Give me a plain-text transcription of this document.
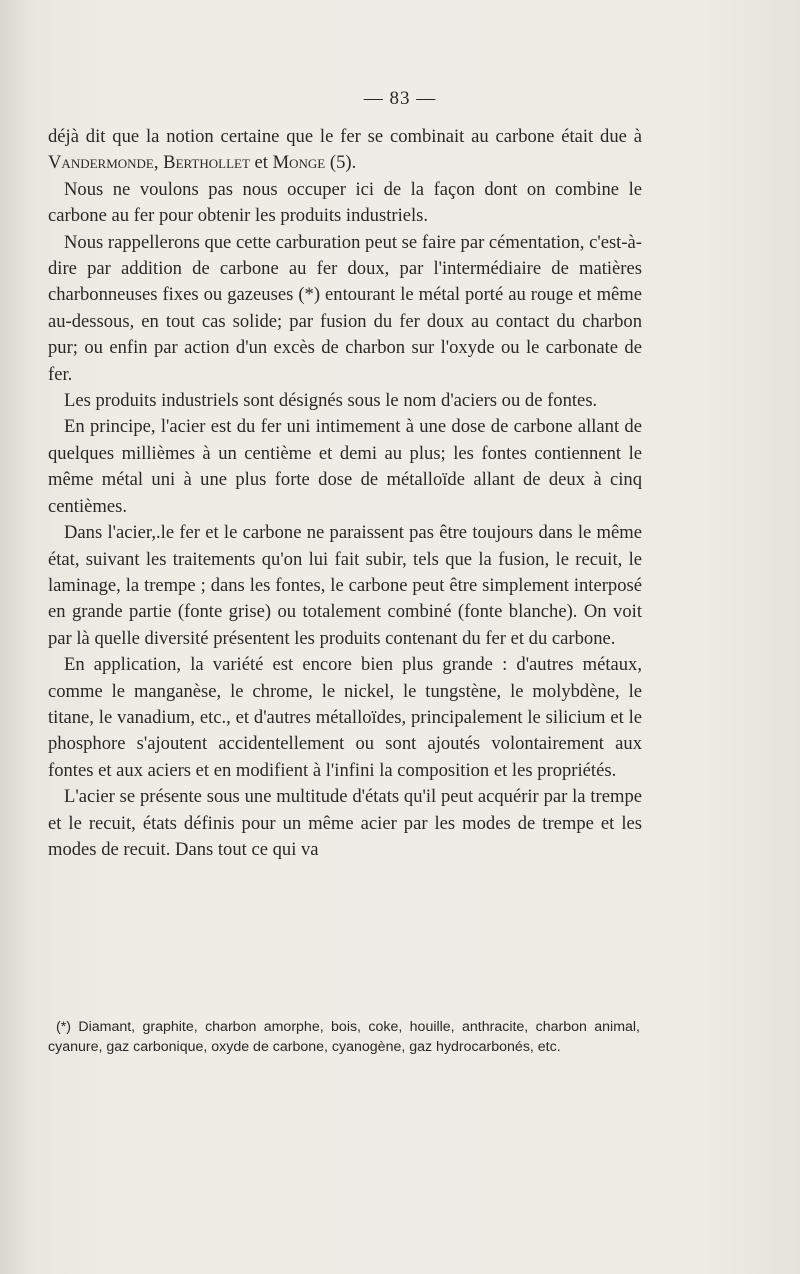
— 83 —

déjà dit que la notion certaine que le fer se combinait au carbone était due à Vandermonde, Berthollet et Monge (5).

Nous ne voulons pas nous occuper ici de la façon dont on combine le carbone au fer pour obtenir les produits industriels.

Nous rappellerons que cette carburation peut se faire par cémentation, c'est-à-dire par addition de carbone au fer doux, par l'intermédiaire de matières charbonneuses fixes ou gazeuses (*) entourant le métal porté au rouge et même au-dessous, en tout cas solide; par fusion du fer doux au contact du charbon pur; ou enfin par action d'un excès de charbon sur l'oxyde ou le carbonate de fer.

Les produits industriels sont désignés sous le nom d'aciers ou de fontes.

En principe, l'acier est du fer uni intimement à une dose de carbone allant de quelques millièmes à un centième et demi au plus; les fontes contiennent le même métal uni à une plus forte dose de métalloïde allant de deux à cinq centièmes.

Dans l'acier,.le fer et le carbone ne paraissent pas être toujours dans le même état, suivant les traitements qu'on lui fait subir, tels que la fusion, le recuit, le laminage, la trempe ; dans les fontes, le carbone peut être simplement interposé en grande partie (fonte grise) ou totalement combiné (fonte blanche). On voit par là quelle diversité présentent les produits contenant du fer et du carbone.

En application, la variété est encore bien plus grande : d'autres métaux, comme le manganèse, le chrome, le nickel, le tungstène, le molybdène, le titane, le vanadium, etc., et d'autres métalloïdes, principalement le silicium et le phosphore s'ajoutent accidentellement ou sont ajoutés volontairement aux fontes et aux aciers et en modifient à l'infini la composition et les propriétés.

L'acier se présente sous une multitude d'états qu'il peut acquérir par la trempe et le recuit, états définis pour un même acier par les modes de trempe et les modes de recuit. Dans tout ce qui va

(*) Diamant, graphite, charbon amorphe, bois, coke, houille, anthracite, charbon animal, cyanure, gaz carbonique, oxyde de carbone, cyanogène, gaz hydrocarbonés, etc.
